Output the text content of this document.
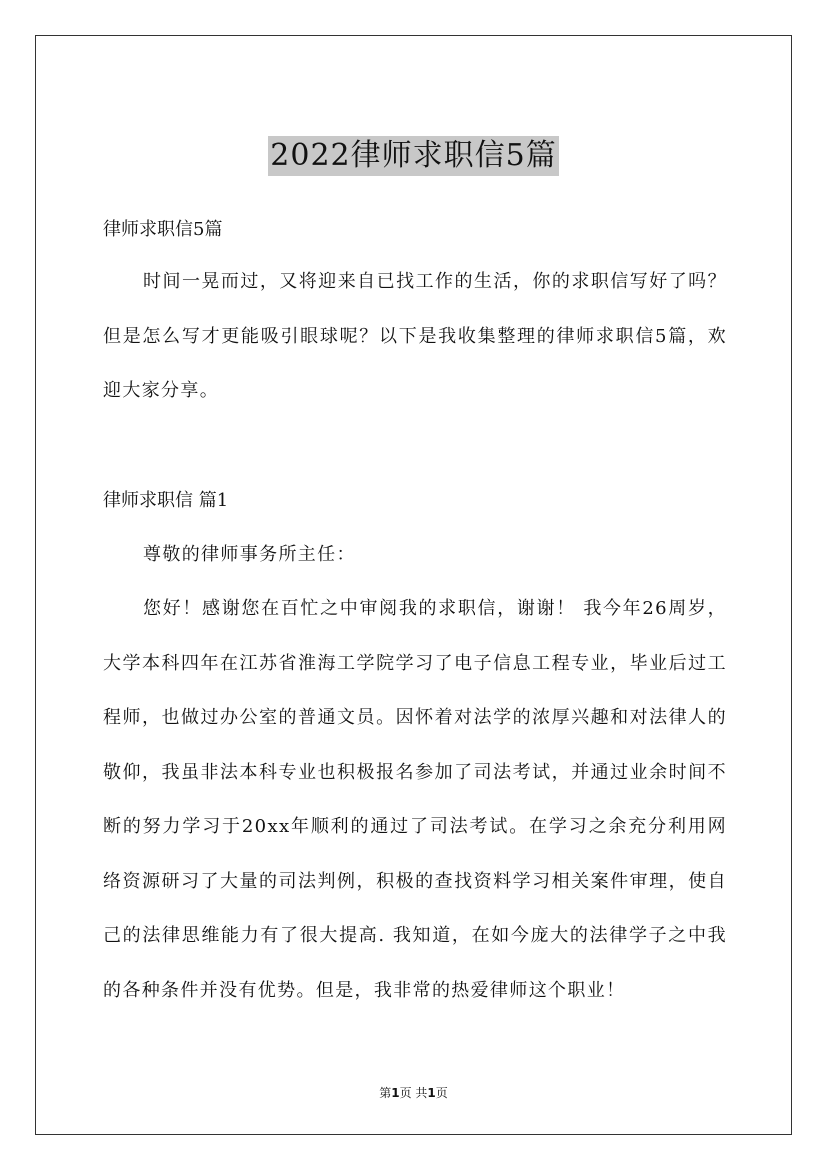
2022律师求职信5篇
律师求职信5篇

时间一晃而过，又将迎来自已找工作的生活，你的求职信写好了吗？但是怎么写才更能吸引眼球呢？以下是我收集整理的律师求职信5篇，欢迎大家分享。

律师求职信 篇1

尊敬的律师事务所主任：

您好！感谢您在百忙之中审阅我的求职信，谢谢！ 我今年26周岁，大学本科四年在江苏省淮海工学院学习了电子信息工程专业，毕业后过工程师，也做过办公室的普通文员。因怀着对法学的浓厚兴趣和对法律人的敬仰，我虽非法本科专业也积极报名参加了司法考试，并通过业余时间不断的努力学习于20xx年顺利的通过了司法考试。在学习之余充分利用网络资源研习了大量的司法判例，积极的查找资料学习相关案件审理，使自己的法律思维能力有了很大提高. 我知道，在如今庞大的法律学子之中我的各种条件并没有优势。但是，我非常的热爱律师这个职业！

第1页 共1页
